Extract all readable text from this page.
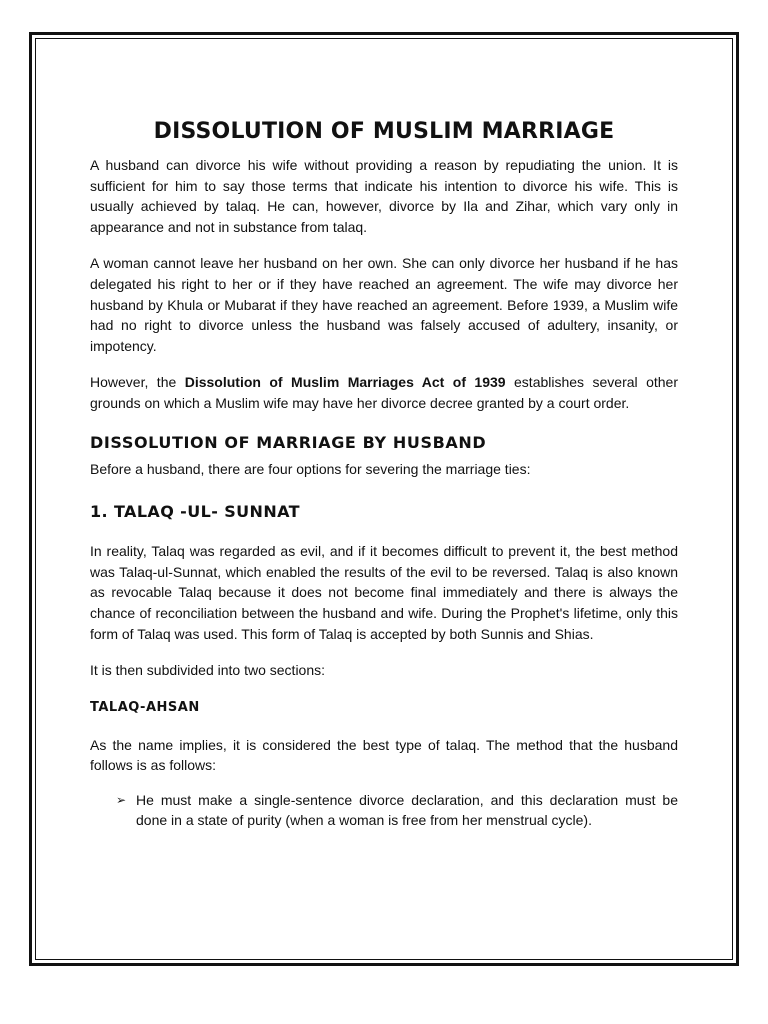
DISSOLUTION OF MUSLIM MARRIAGE

A husband can divorce his wife without providing a reason by repudiating the union. It is sufficient for him to say those terms that indicate his intention to divorce his wife. This is usually achieved by talaq. He can, however, divorce by Ila and Zihar, which vary only in appearance and not in substance from talaq.

A woman cannot leave her husband on her own. She can only divorce her husband if he has delegated his right to her or if they have reached an agreement. The wife may divorce her husband by Khula or Mubarat if they have reached an agreement. Before 1939, a Muslim wife had no right to divorce unless the husband was falsely accused of adultery, insanity, or impotency.

However, the Dissolution of Muslim Marriages Act of 1939 establishes several other grounds on which a Muslim wife may have her divorce decree granted by a court order.

DISSOLUTION OF MARRIAGE BY HUSBAND

Before a husband, there are four options for severing the marriage ties:

1. TALAQ -UL- SUNNAT

In reality, Talaq was regarded as evil, and if it becomes difficult to prevent it, the best method was Talaq-ul-Sunnat, which enabled the results of the evil to be reversed. Talaq is also known as revocable Talaq because it does not become final immediately and there is always the chance of reconciliation between the husband and wife. During the Prophet's lifetime, only this form of Talaq was used. This form of Talaq is accepted by both Sunnis and Shias.

It is then subdivided into two sections:

TALAQ-AHSAN

As the name implies, it is considered the best type of talaq. The method that the husband follows is as follows:

➢ He must make a single-sentence divorce declaration, and this declaration must be done in a state of purity (when a woman is free from her menstrual cycle).
